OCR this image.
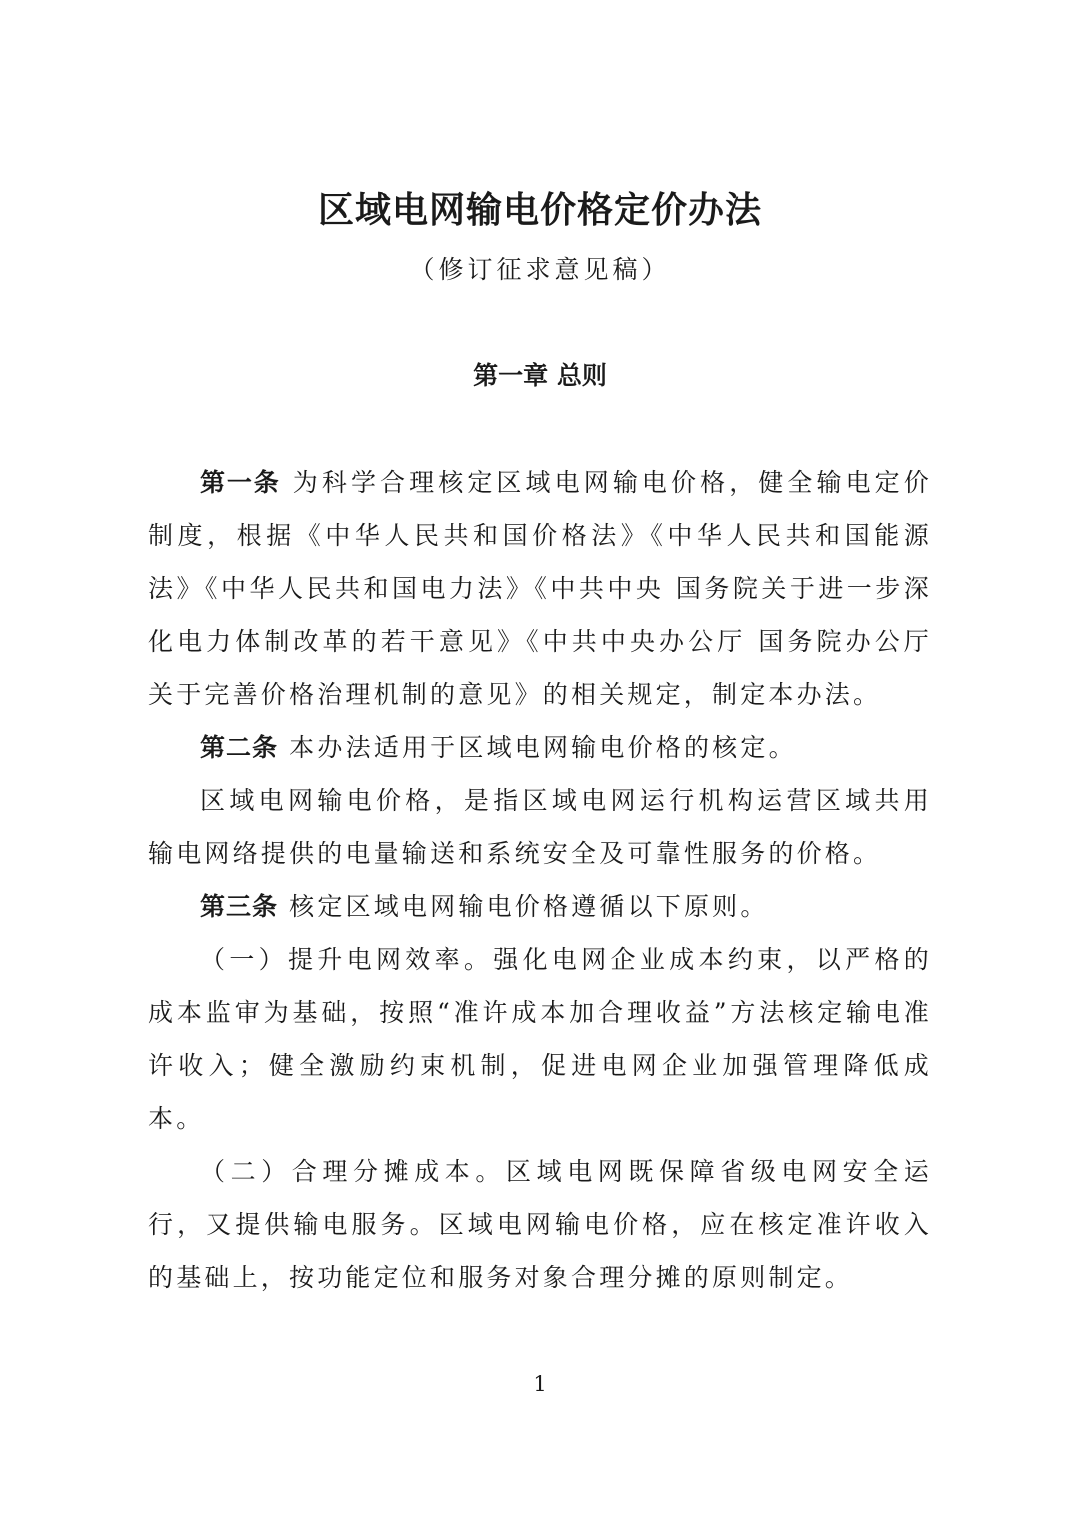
区域电网输电价格定价办法

（修订征求意见稿）

第一章 总则

第一条 为科学合理核定区域电网输电价格，健全输电定价制度，根据《中华人民共和国价格法》《中华人民共和国能源法》《中华人民共和国电力法》《中共中央 国务院关于进一步深化电力体制改革的若干意见》《中共中央办公厅 国务院办公厅关于完善价格治理机制的意见》的相关规定，制定本办法。

第二条 本办法适用于区域电网输电价格的核定。

区域电网输电价格，是指区域电网运行机构运营区域共用输电网络提供的电量输送和系统安全及可靠性服务的价格。

第三条 核定区域电网输电价格遵循以下原则。

（一）提升电网效率。强化电网企业成本约束，以严格的成本监审为基础，按照“准许成本加合理收益”方法核定输电准许收入；健全激励约束机制，促进电网企业加强管理降低成本。

（二）合理分摊成本。区域电网既保障省级电网安全运行，又提供输电服务。区域电网输电价格，应在核定准许收入的基础上，按功能定位和服务对象合理分摊的原则制定。

1
